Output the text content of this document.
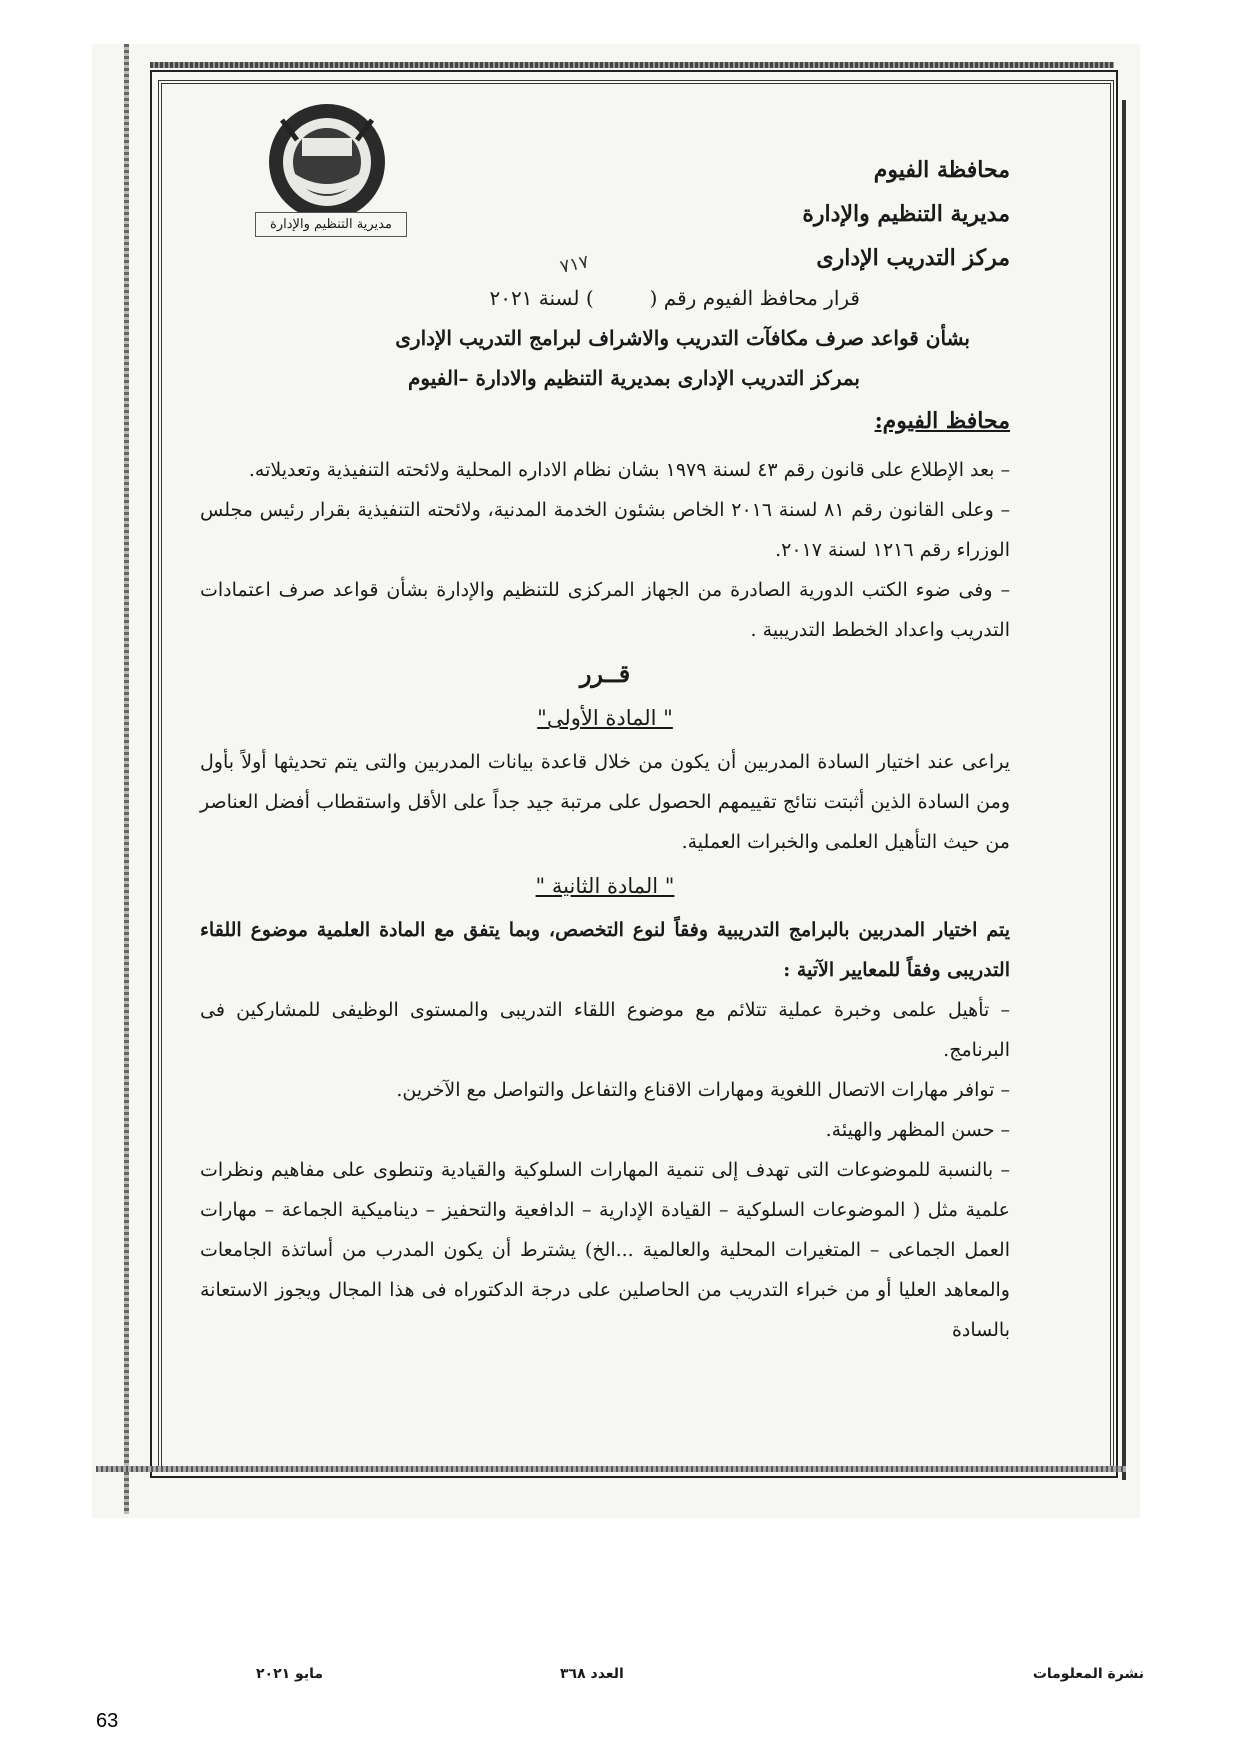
محافظة الفيوم
مديرية التنظيم والإدارة
مركز التدريب الإدارى
مديرية التنظيم والإدارة
٧١٧
قرار محافظ الفيوم رقم () لسنة ٢٠٢١
بشأن قواعد صرف مكافآت التدريب والاشراف لبرامج التدريب الإدارى
بمركز التدريب الإدارى بمديرية التنظيم والادارة –الفيوم
محافظ الفيوم:

– بعد الإطلاع على قانون رقم ٤٣ لسنة ١٩٧٩ بشان نظام الاداره المحلية ولائحته التنفيذية وتعديلاته.

– وعلى القانون رقم ٨١ لسنة ٢٠١٦ الخاص بشئون الخدمة المدنية، ولائحته التنفيذية بقرار رئيس مجلس الوزراء رقم ١٢١٦ لسنة ٢٠١٧.

– وفى ضوء الكتب الدورية الصادرة من الجهاز المركزى للتنظيم والإدارة بشأن قواعد صرف اعتمادات التدريب واعداد الخطط التدريبية .

قــرر
" المادة الأولى"

يراعى عند اختيار السادة المدربين أن يكون من خلال قاعدة بيانات المدربين والتى يتم تحديثها أولاً بأول ومن السادة الذين أثبتت نتائج تقييمهم الحصول على مرتبة جيد جداً على الأقل واستقطاب أفضل العناصر من حيث التأهيل العلمى والخبرات العملية.

" المادة الثانية "

يتم اختيار المدربين بالبرامج التدريبية وفقاً لنوع التخصص، وبما يتفق مع المادة العلمية موضوع اللقاء التدريبى وفقاً للمعايير الآتية :

– تأهيل علمى وخبرة عملية تتلائم مع موضوع اللقاء التدريبى والمستوى الوظيفى للمشاركين فى البرنامج.

– توافر مهارات الاتصال اللغوية ومهارات الاقناع والتفاعل والتواصل مع الآخرين.

– حسن المظهر والهيئة.

– بالنسبة للموضوعات التى تهدف إلى تنمية المهارات السلوكية والقيادية وتنطوى على مفاهيم ونظرات علمية مثل ( الموضوعات السلوكية – القيادة الإدارية – الدافعية والتحفيز – ديناميكية الجماعة – مهارات العمل الجماعى – المتغيرات المحلية والعالمية ...الخ) يشترط أن يكون المدرب من أساتذة الجامعات والمعاهد العليا أو من خبراء التدريب من الحاصلين على درجة الدكتوراه فى هذا المجال ويجوز الاستعانة بالسادة

نشرة المعلومات
العدد ٣٦٨
مايو ٢٠٢١
63
